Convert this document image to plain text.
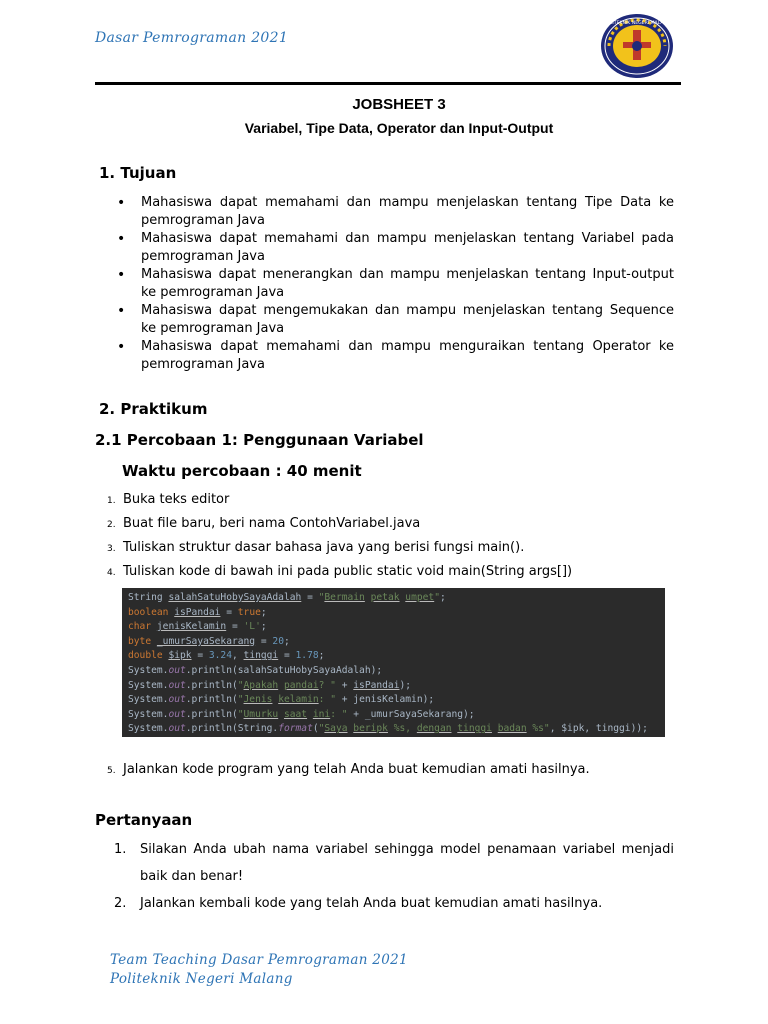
Dasar Pemrograman 2021
POLITEKNIK NEGERI MALANG
JOBSHEET 3
Variabel, Tipe Data, Operator dan Input-Output
1. Tujuan
• Mahasiswa dapat memahami dan mampu menjelaskan tentang Tipe Data ke pemrograman Java
• Mahasiswa dapat memahami dan mampu menjelaskan tentang Variabel pada pemrograman Java
• Mahasiswa dapat menerangkan dan mampu menjelaskan tentang Input-output ke pemrograman Java
• Mahasiswa dapat mengemukakan dan mampu menjelaskan tentang Sequence ke pemrograman Java
• Mahasiswa dapat memahami dan mampu menguraikan tentang Operator ke pemrograman Java
2. Praktikum
2.1 Percobaan 1: Penggunaan Variabel
Waktu percobaan : 40 menit
1. Buka teks editor
2. Buat file baru, beri nama ContohVariabel.java
3. Tuliskan struktur dasar bahasa java yang berisi fungsi main().
4. Tuliskan kode di bawah ini pada public static void main(String args[])
String salahSatuHobySayaAdalah = "Bermain petak umpet";
boolean isPandai = true;
char jenisKelamin = 'L';
byte _umurSayaSekarang = 20;
double $ipk = 3.24, tinggi = 1.78;
System.out.println(salahSatuHobySayaAdalah);
System.out.println("Apakah pandai? " + isPandai);
System.out.println("Jenis kelamin: " + jenisKelamin);
System.out.println("Umurku saat ini: " + _umurSayaSekarang);
System.out.println(String.format("Saya beripk %s, dengan tinggi badan %s", $ipk, tinggi));
5. Jalankan kode program yang telah Anda buat kemudian amati hasilnya.
Pertanyaan
1. Silakan Anda ubah nama variabel sehingga model penamaan variabel menjadi baik dan benar!
2. Jalankan kembali kode yang telah Anda buat kemudian amati hasilnya.
Team Teaching Dasar Pemrograman 2021
Politeknik Negeri Malang
